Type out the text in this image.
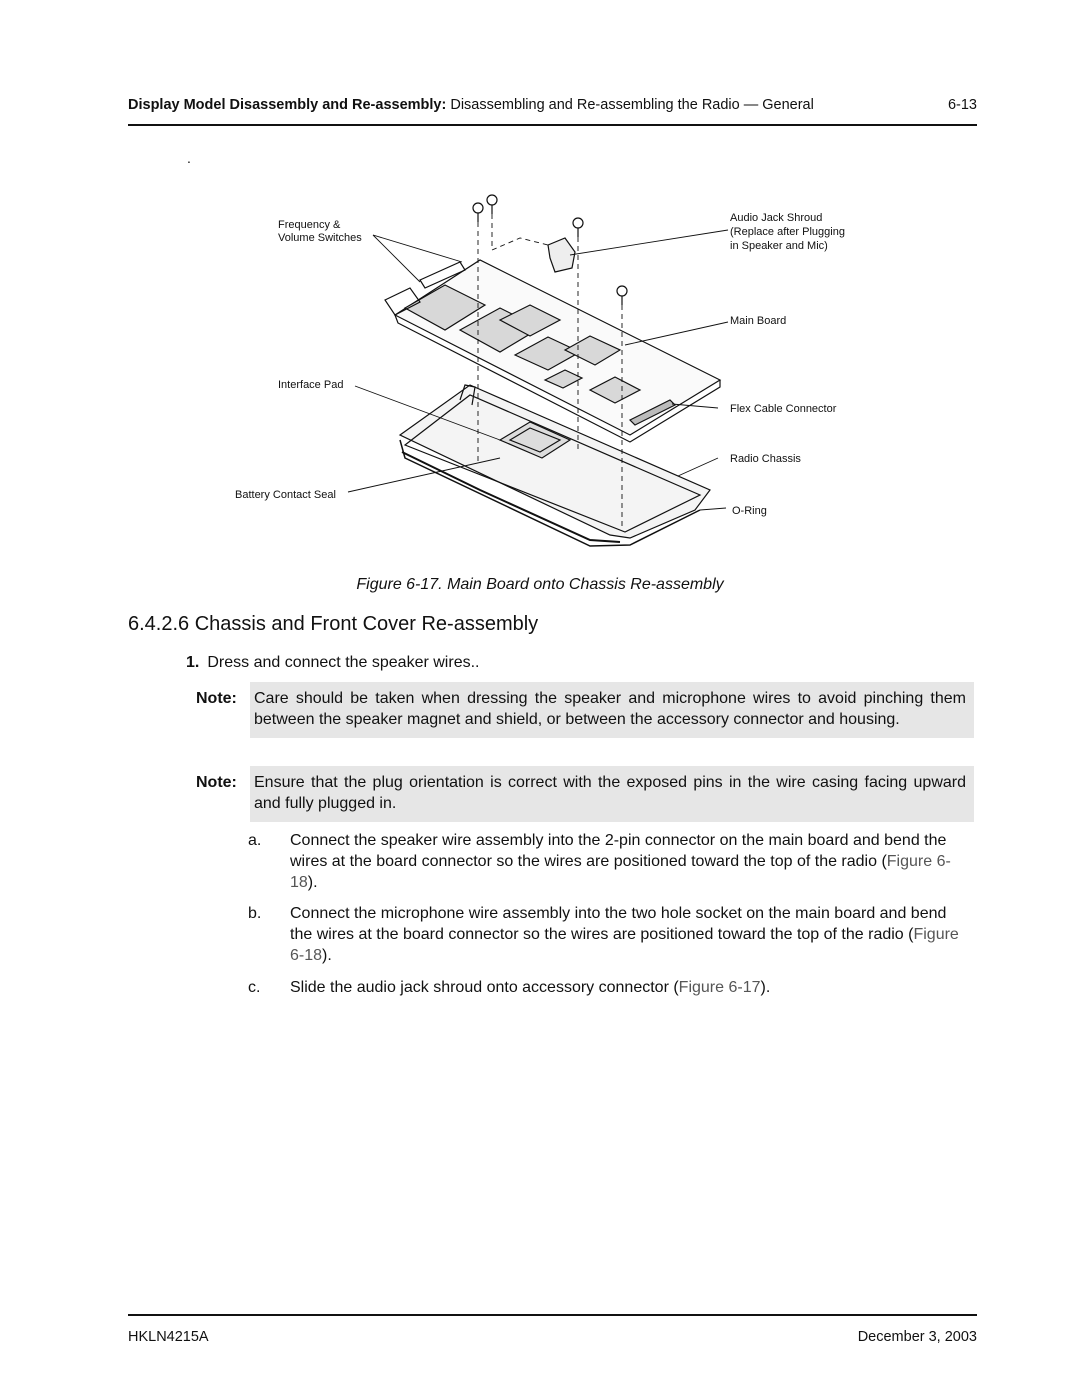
Display Model Disassembly and Re-assembly: Disassembling and Re-assembling the Radio — General	6-13
.
Frequency &
Volume Switches
Interface Pad
Battery Contact Seal
Audio Jack Shroud
(Replace after Plugging
in Speaker and Mic)
Main Board
Flex Cable Connector
Radio Chassis
O-Ring
Figure 6-17. Main Board onto Chassis Re-assembly
6.4.2.6 Chassis and Front Cover Re-assembly
1. Dress and connect the speaker wires..
Note: Care should be taken when dressing the speaker and microphone wires to avoid pinching them between the speaker magnet and shield, or between the accessory connector and housing.
Note: Ensure that the plug orientation is correct with the exposed pins in the wire casing facing upward and fully plugged in.
a. Connect the speaker wire assembly into the 2-pin connector on the main board and bend the wires at the board connector so the wires are positioned toward the top of the radio (Figure 6-18).
b. Connect the microphone wire assembly into the two hole socket on the main board and bend the wires at the board connector so the wires are positioned toward the top of the radio (Figure 6-18).
c. Slide the audio jack shroud onto accessory connector (Figure 6-17).
HKLN4215A	December 3, 2003
